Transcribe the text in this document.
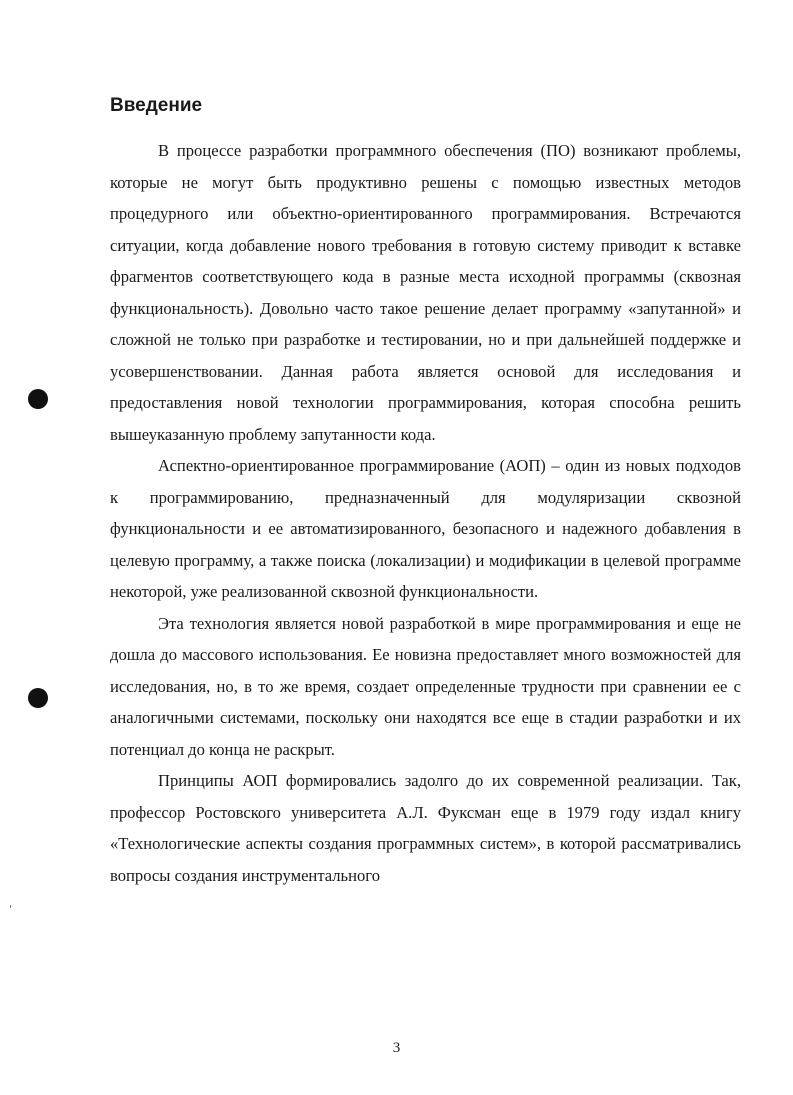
Введение

В процессе разработки программного обеспечения (ПО) возникают проблемы, которые не могут быть продуктивно решены с помощью известных методов процедурного или объектно-ориентированного программирования. Встречаются ситуации, когда добавление нового требования в готовую систему приводит к вставке фрагментов соответствующего кода в разные места исходной программы (сквозная функциональность). Довольно часто такое решение делает программу «запутанной» и сложной не только при разработке и тестировании, но и при дальнейшей поддержке и усовершенствовании. Данная работа является основой для исследования и предоставления новой технологии программирования, которая способна решить вышеуказанную проблему запутанности кода.

Аспектно-ориентированное программирование (АОП) – один из новых подходов к программированию, предназначенный для модуляризации сквозной функциональности и ее автоматизированного, безопасного и надежного добавления в целевую программу, а также поиска (локализации) и модификации в целевой программе некоторой, уже реализованной сквозной функциональности.

Эта технология является новой разработкой в мире программирования и еще не дошла до массового использования. Ее новизна предоставляет много возможностей для исследования, но, в то же время, создает определенные трудности при сравнении ее с аналогичными системами, поскольку они находятся все еще в стадии разработки и их потенциал до конца не раскрыт.

Принципы АОП формировались задолго до их современной реализации. Так, профессор Ростовского университета А.Л. Фуксман еще в 1979 году издал книгу «Технологические аспекты создания программных систем», в которой рассматривались вопросы создания инструментального

3
